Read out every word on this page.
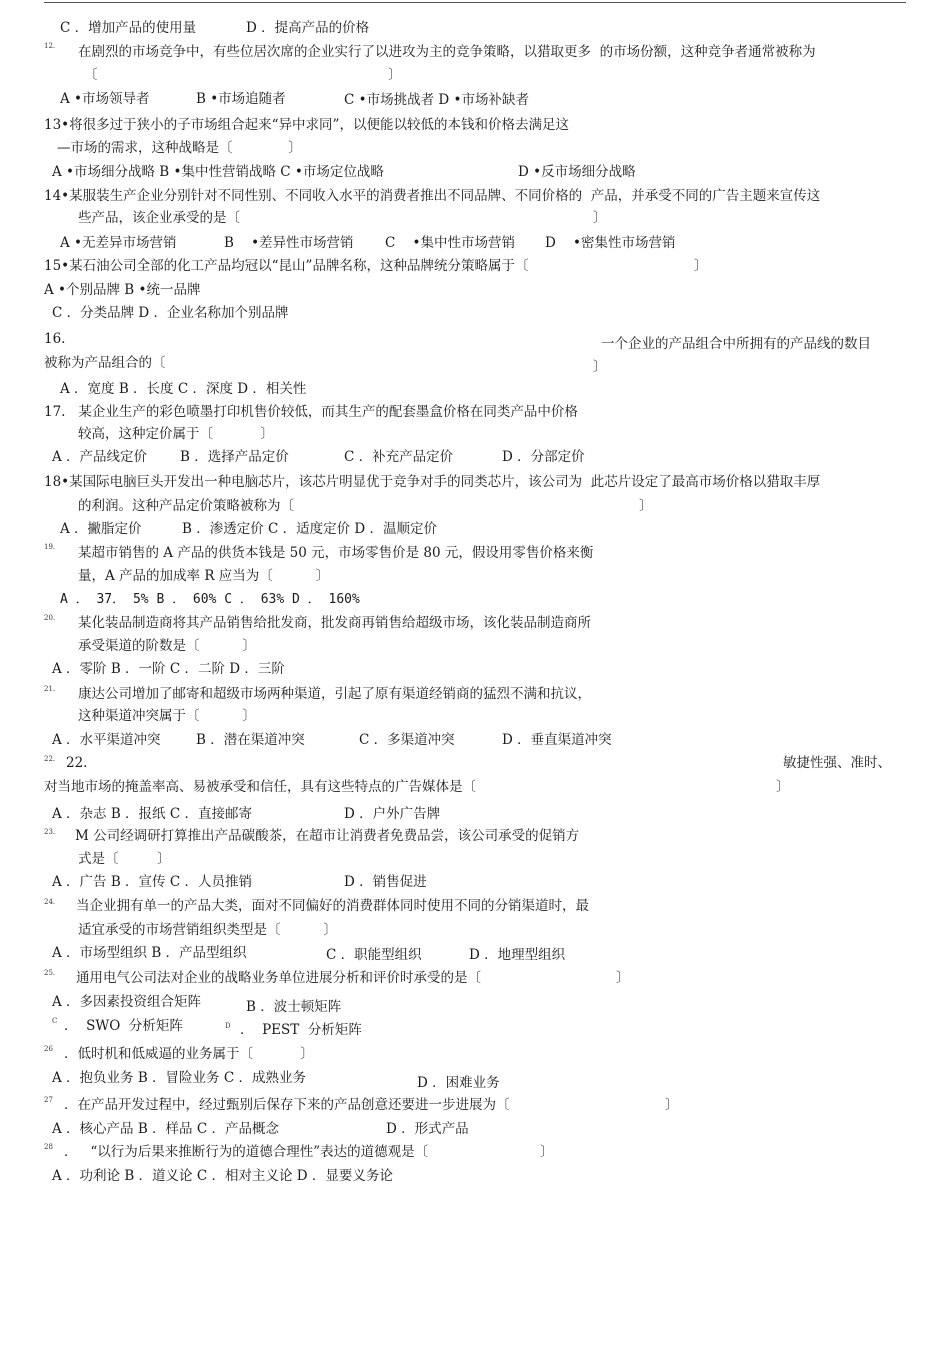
C ．增加产品的使用量	D ．提高产品的价格
12. 在剧烈的市场竞争中，有些位居次席的企业实行了以进攻为主的竞争策略，以猎取更多  的市场份额，这种竞争者通常被称为
〔	〕
A •市场领导者	B •市场追随者	C •市场挑战者 D •市场补缺者
13•将很多过于狭小的子市场组合起来“异中求同”，以便能以较低的本钱和价格去满足这
—市场的需求，这种战略是〔             〕
A •市场细分战略 B •集中性营销战略 C •市场定位战略	D •反市场细分战略
14•某服装生产企业分别针对不同性别、不同收入水平的消费者推出不同品牌、不同价格的  产品，并承受不同的广告主题来宣传这
些产品，该企业承受的是〔	〕
A •无差异市场营销	B    •差异性市场营销 C    •集中性市场营销 D    •密集性市场营销
15•某石油公司全部的化工产品均冠以“昆山”品牌名称，这种品牌统分策略属于〔	〕
A •个别品牌 B •统一品牌
C ．分类品牌 D ．企业名称加个别品牌
16.	一个企业的产品组合中所拥有的产品线的数目
被称为产品组合的〔	〕
A ．宽度 B ．长度 C ．深度 D ．相关性
17.   某企业生产的彩色喷墨打印机售价较低，而其生产的配套墨盒价格在同类产品中价格
较高，这种定价属于〔           〕
A ．产品线定价 B ．选择产品定价	C ．补充产品定价	D ．分部定价
18•某国际电脑巨头开发出一种电脑芯片，该芯片明显优于竞争对手的同类芯片，该公司为  此芯片设定了最高市场价格以猎取丰厚
的利润。这种产品定价策略被称为〔	〕
A ．撇脂定价	B ．渗透定价 C ．适度定价 D ．温顺定价
19. 某超市销售的 A 产品的供货本钱是 50 元，市场零售价是 80 元，假设用零售价格来衡
量，A 产品的加成率 R 应当为〔          〕
A ． 37． 5% B ． 60% C ． 63% D ． 160%
20. 某化装品制造商将其产品销售给批发商，批发商再销售给超级市场，该化装品制造商所
承受渠道的阶数是〔          〕
A ．零阶 B ．一阶 C ．二阶 D ．三阶
21. 康达公司增加了邮寄和超级市场两种渠道，引起了原有渠道经销商的猛烈不满和抗议，
这种渠道冲突属于〔          〕
A ．水平渠道冲突	B ．潜在渠道冲突	C ．多渠道冲突	D ．垂直渠道冲突
22. 22.	敏捷性强、准时、
对当地市场的掩盖率高、易被承受和信任，具有这些特点的广告媒体是〔	〕
A ．杂志 B ．报纸 C ．直接邮寄	D ．户外广告牌
23. M 公司经调研打算推出产品碳酸茶，在超市让消费者免费品尝，该公司承受的促销方
式是〔         〕
A ．广告 B ．宣传 C ．人员推销	D ．销售促进
24. 当企业拥有单一的产品大类，面对不同偏好的消费群体同时使用不同的分销渠道时，最
适宜承受的市场营销组织类型是〔          〕
A ．市场型组织 B ．产品型组织	C ．职能型组织	D ．地理型组织
25. 通用电气公司法对企业的战略业务单位进展分析和评价时承受的是〔	〕
A ．多因素投资组合矩阵	B ．波士顿矩阵
C ．  SWO  分析矩阵	D ．  PEST  分析矩阵
26 ．低时机和低威逼的业务属于〔           〕
A ．抱负业务 B ．冒险业务 C ．成熟业务	D ．困难业务
27 ．在产品开发过程中，经过甄别后保存下来的产品创意还要进一步进展为〔	〕
A ．核心产品 B ．样品 C ．产品概念	D ．形式产品
28 ．   “以行为后果来推断行为的道德合理性”表达的道德观是〔	〕
A ．功利论 B ．道义论 C ．相对主义论 D ．显要义务论
